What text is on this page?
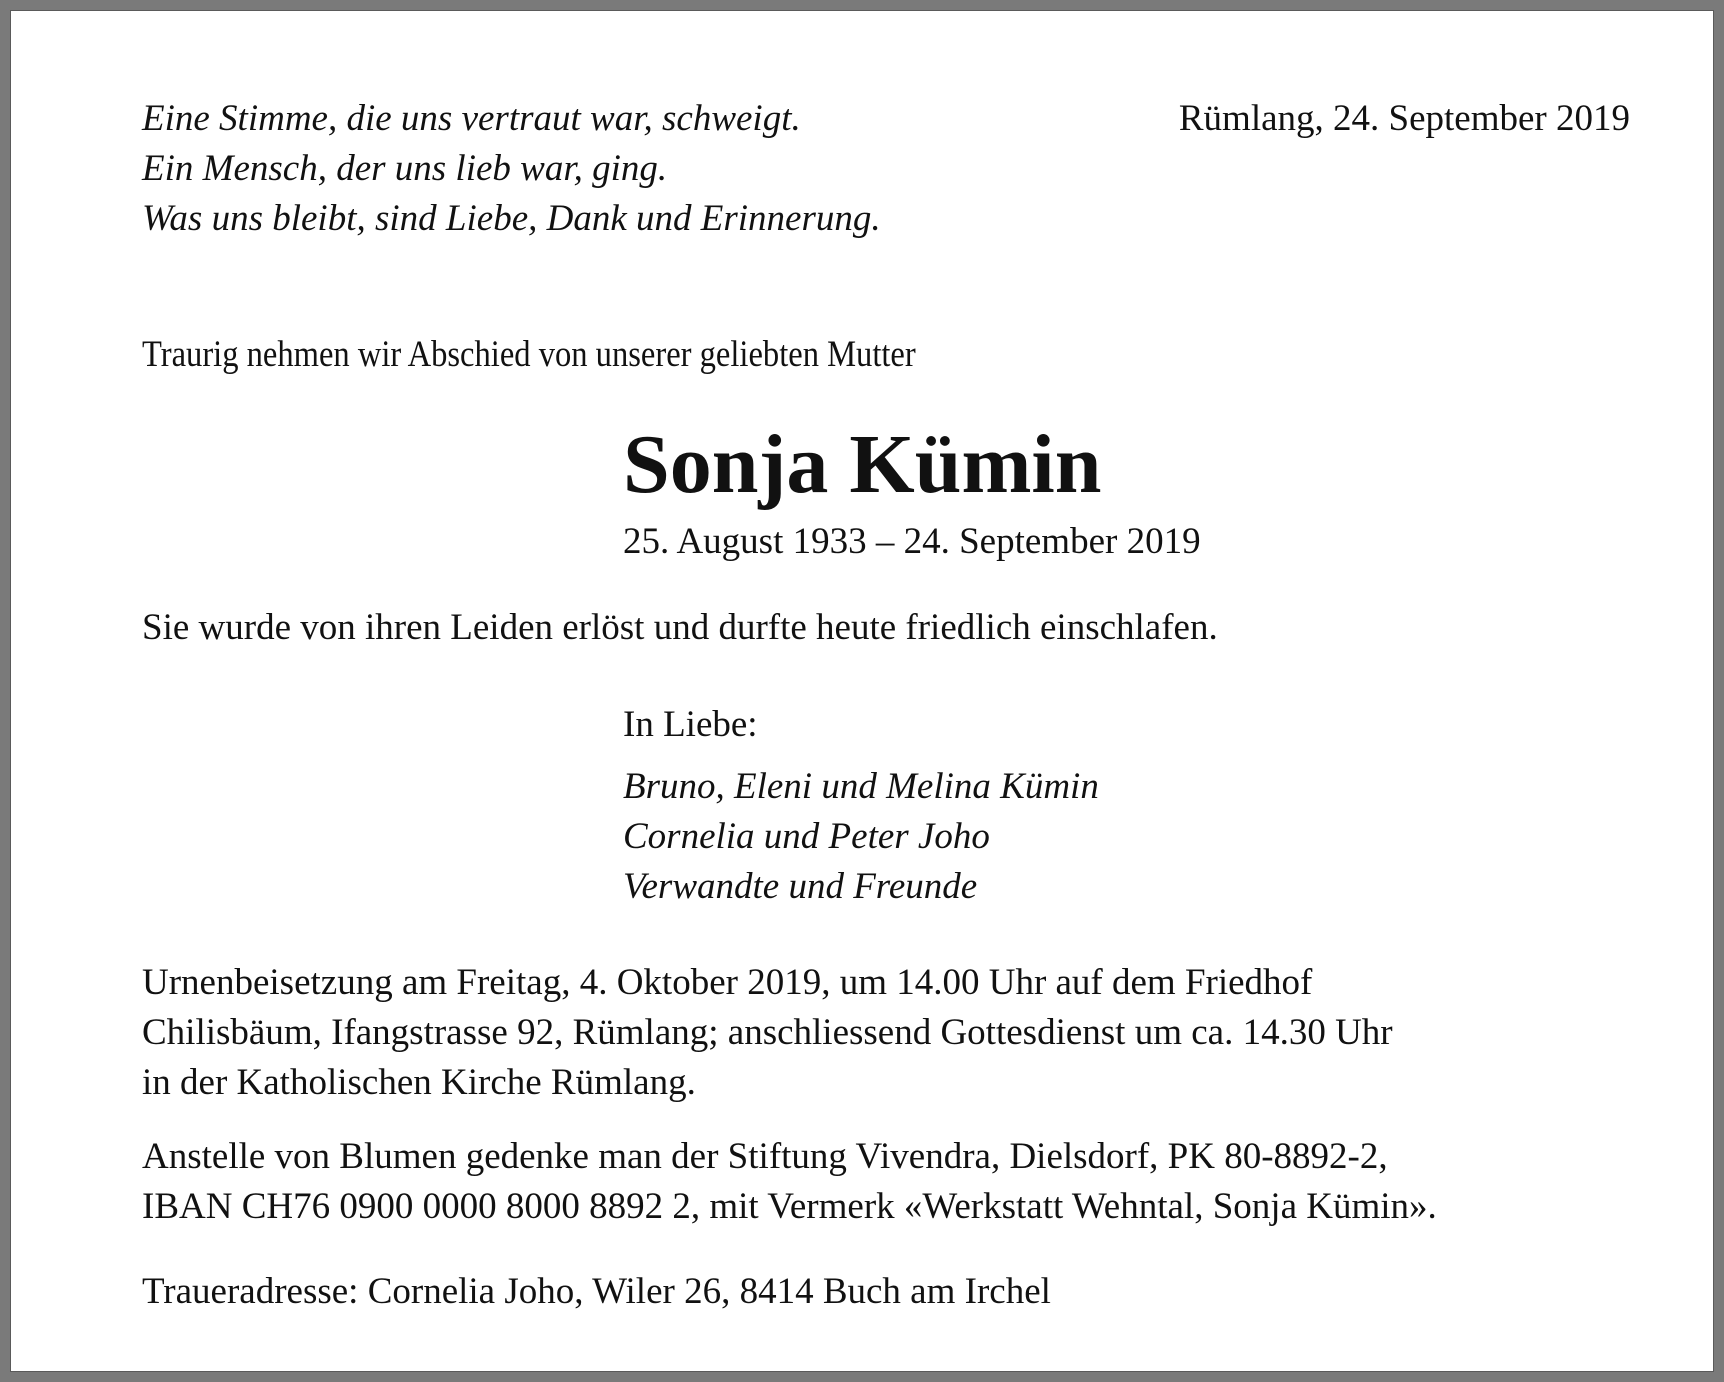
Eine Stimme, die uns vertraut war, schweigt.
Ein Mensch, der uns lieb war, ging.
Was uns bleibt, sind Liebe, Dank und Erinnerung.

Rümlang, 24. September 2019

Traurig nehmen wir Abschied von unserer geliebten Mutter

Sonja Kümin

25. August 1933 – 24. September 2019

Sie wurde von ihren Leiden erlöst und durfte heute friedlich einschlafen.

In Liebe:

Bruno, Eleni und Melina Kümin
Cornelia und Peter Joho
Verwandte und Freunde
Urnenbeisetzung am Freitag, 4. Oktober 2019, um 14.00 Uhr auf dem Friedhof
Chilisbäum, Ifangstrasse 92, Rümlang; anschliessend Gottesdienst um ca. 14.30 Uhr
in der Katholischen Kirche Rümlang.
Anstelle von Blumen gedenke man der Stiftung Vivendra, Dielsdorf, PK 80-8892-2,
IBAN CH76 0900 0000 8000 8892 2, mit Vermerk «Werkstatt Wehntal, Sonja Kümin».

Traueradresse: Cornelia Joho, Wiler 26, 8414 Buch am Irchel
